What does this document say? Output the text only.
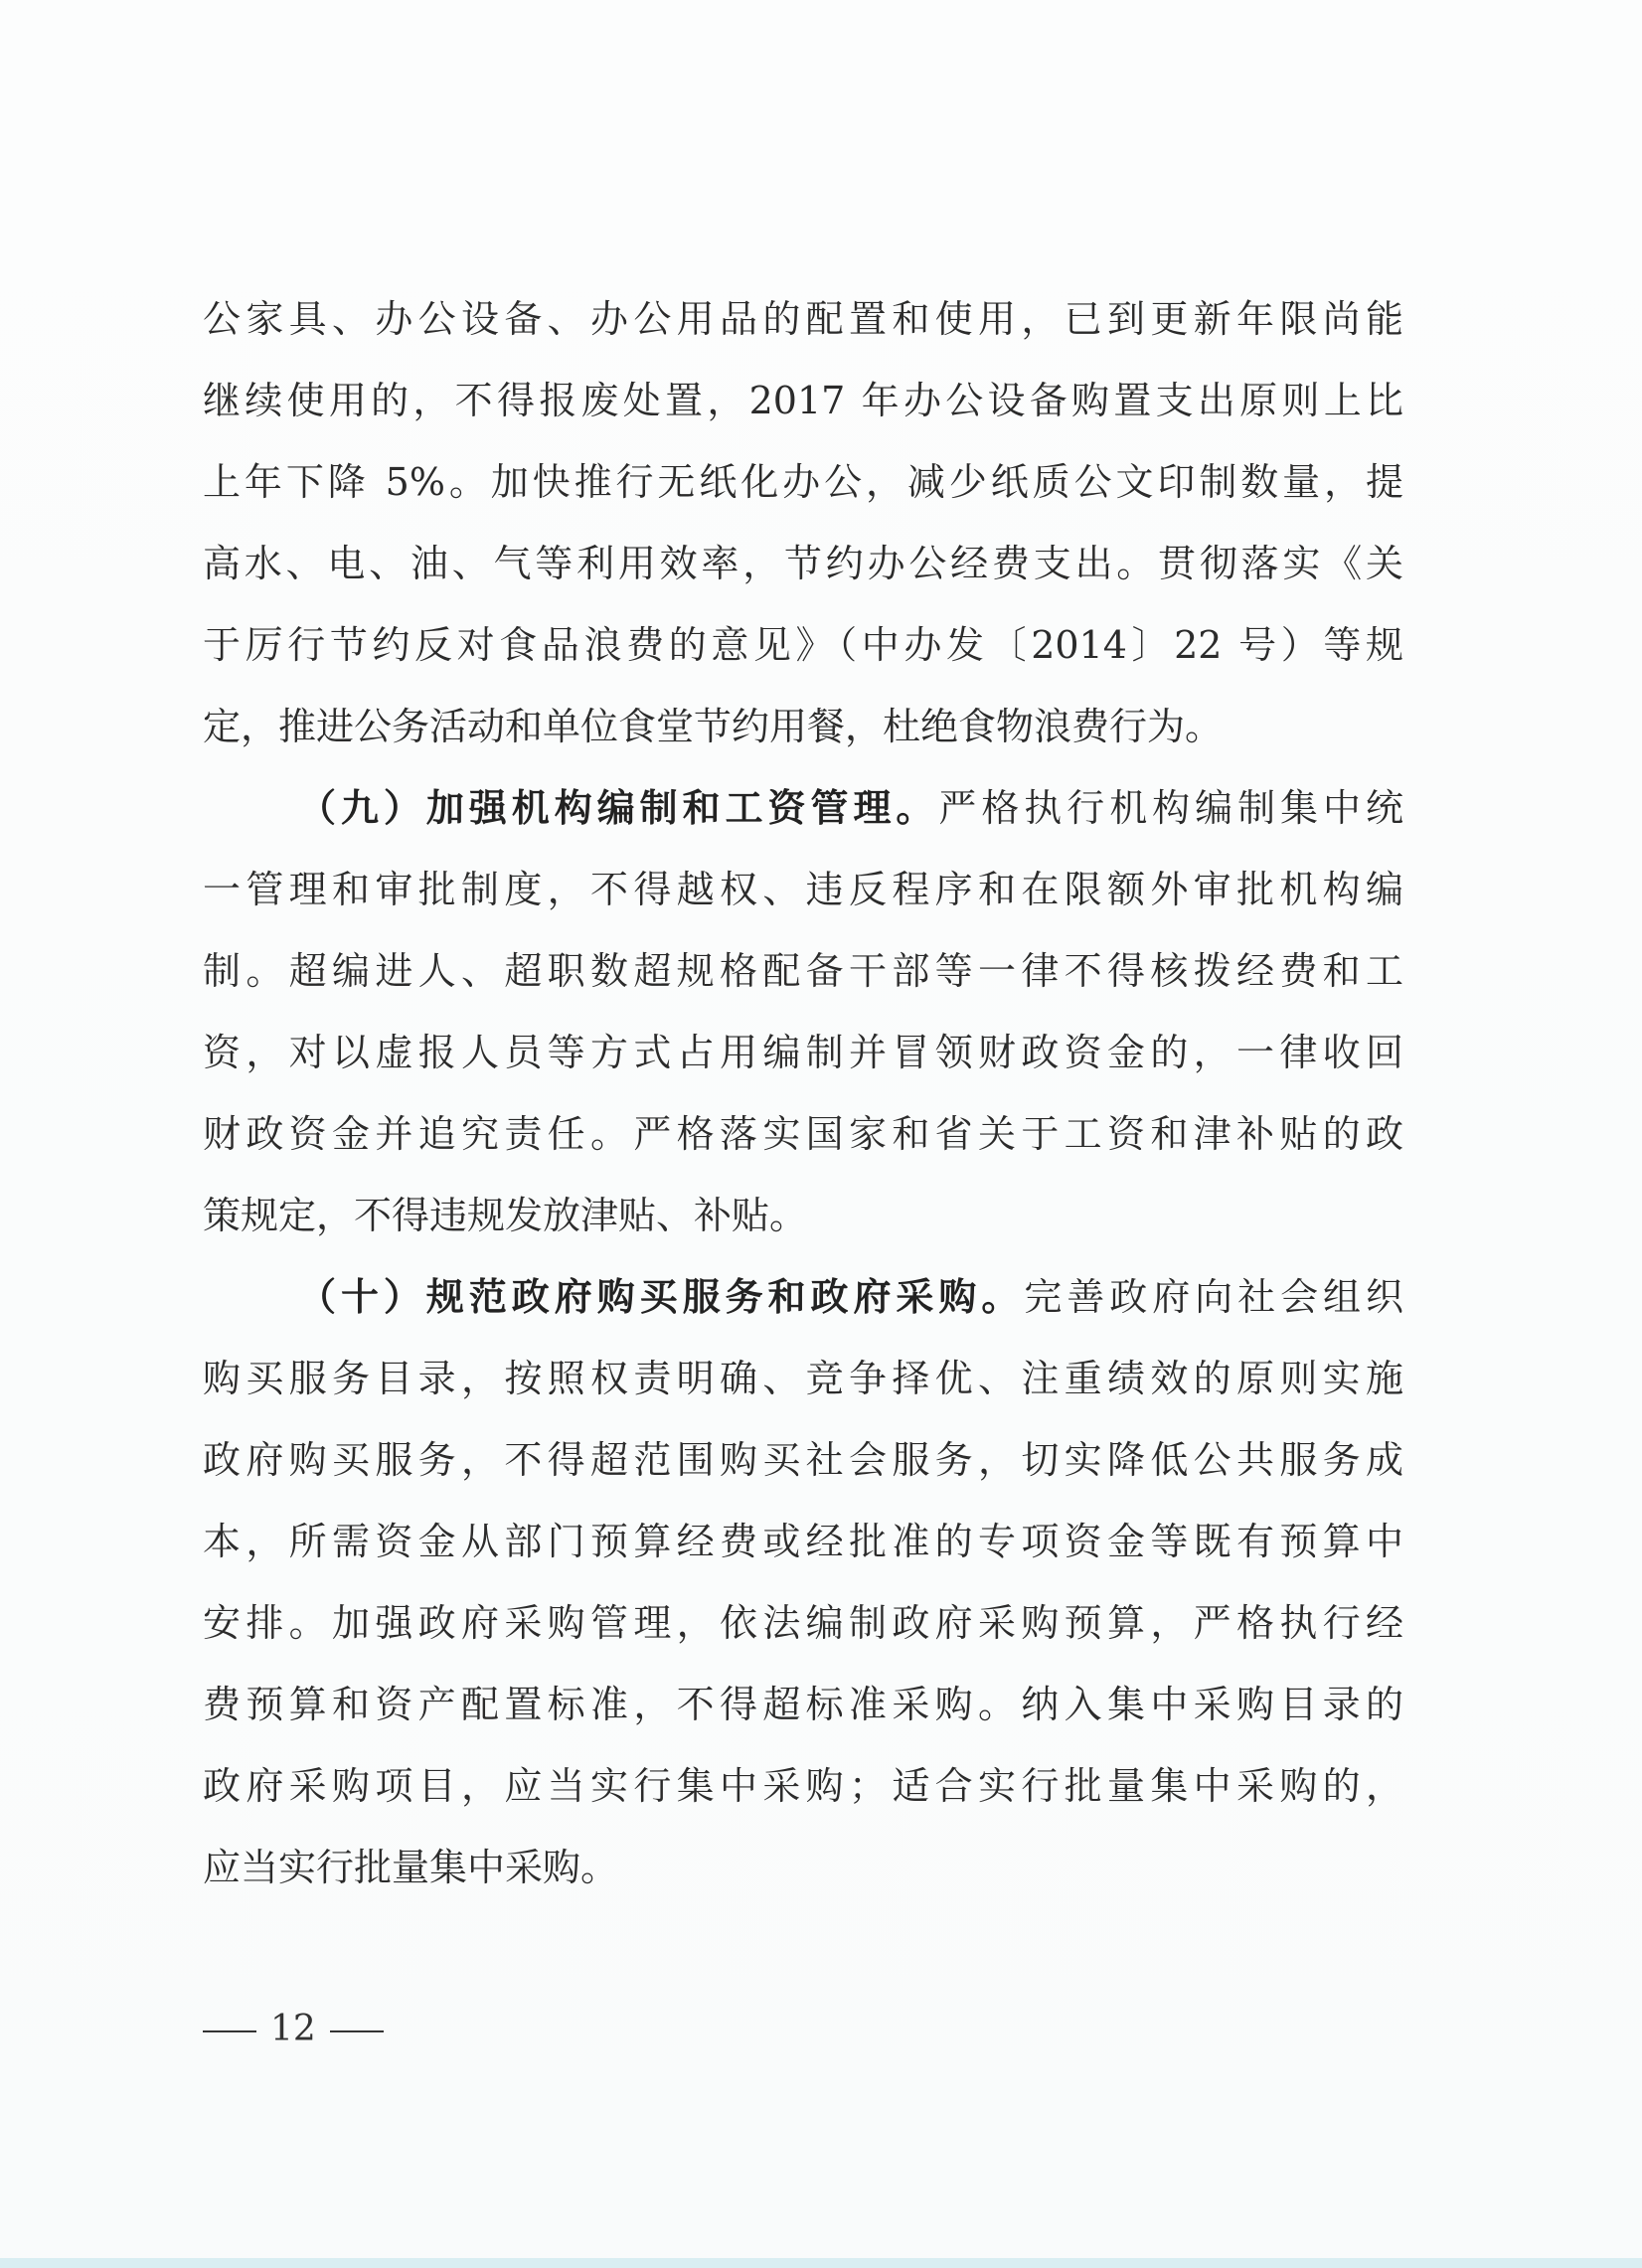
公家具、办公设备、办公用品的配置和使用，已到更新年限尚能
继续使用的，不得报废处置，2017 年办公设备购置支出原则上比
上年下降 5%。加快推行无纸化办公，减少纸质公文印制数量，提
高水、电、油、气等利用效率，节约办公经费支出。贯彻落实《关
于厉行节约反对食品浪费的意见》（中办发〔2014〕22 号）等规
定，推进公务活动和单位食堂节约用餐，杜绝食物浪费行为。
（九）加强机构编制和工资管理。严格执行机构编制集中统
一管理和审批制度，不得越权、违反程序和在限额外审批机构编
制。超编进人、超职数超规格配备干部等一律不得核拨经费和工
资，对以虚报人员等方式占用编制并冒领财政资金的，一律收回
财政资金并追究责任。严格落实国家和省关于工资和津补贴的政
策规定，不得违规发放津贴、补贴。
（十）规范政府购买服务和政府采购。完善政府向社会组织
购买服务目录，按照权责明确、竞争择优、注重绩效的原则实施
政府购买服务，不得超范围购买社会服务，切实降低公共服务成
本，所需资金从部门预算经费或经批准的专项资金等既有预算中
安排。加强政府采购管理，依法编制政府采购预算，严格执行经
费预算和资产配置标准，不得超标准采购。纳入集中采购目录的
政府采购项目，应当实行集中采购；适合实行批量集中采购的，
应当实行批量集中采购。
12
